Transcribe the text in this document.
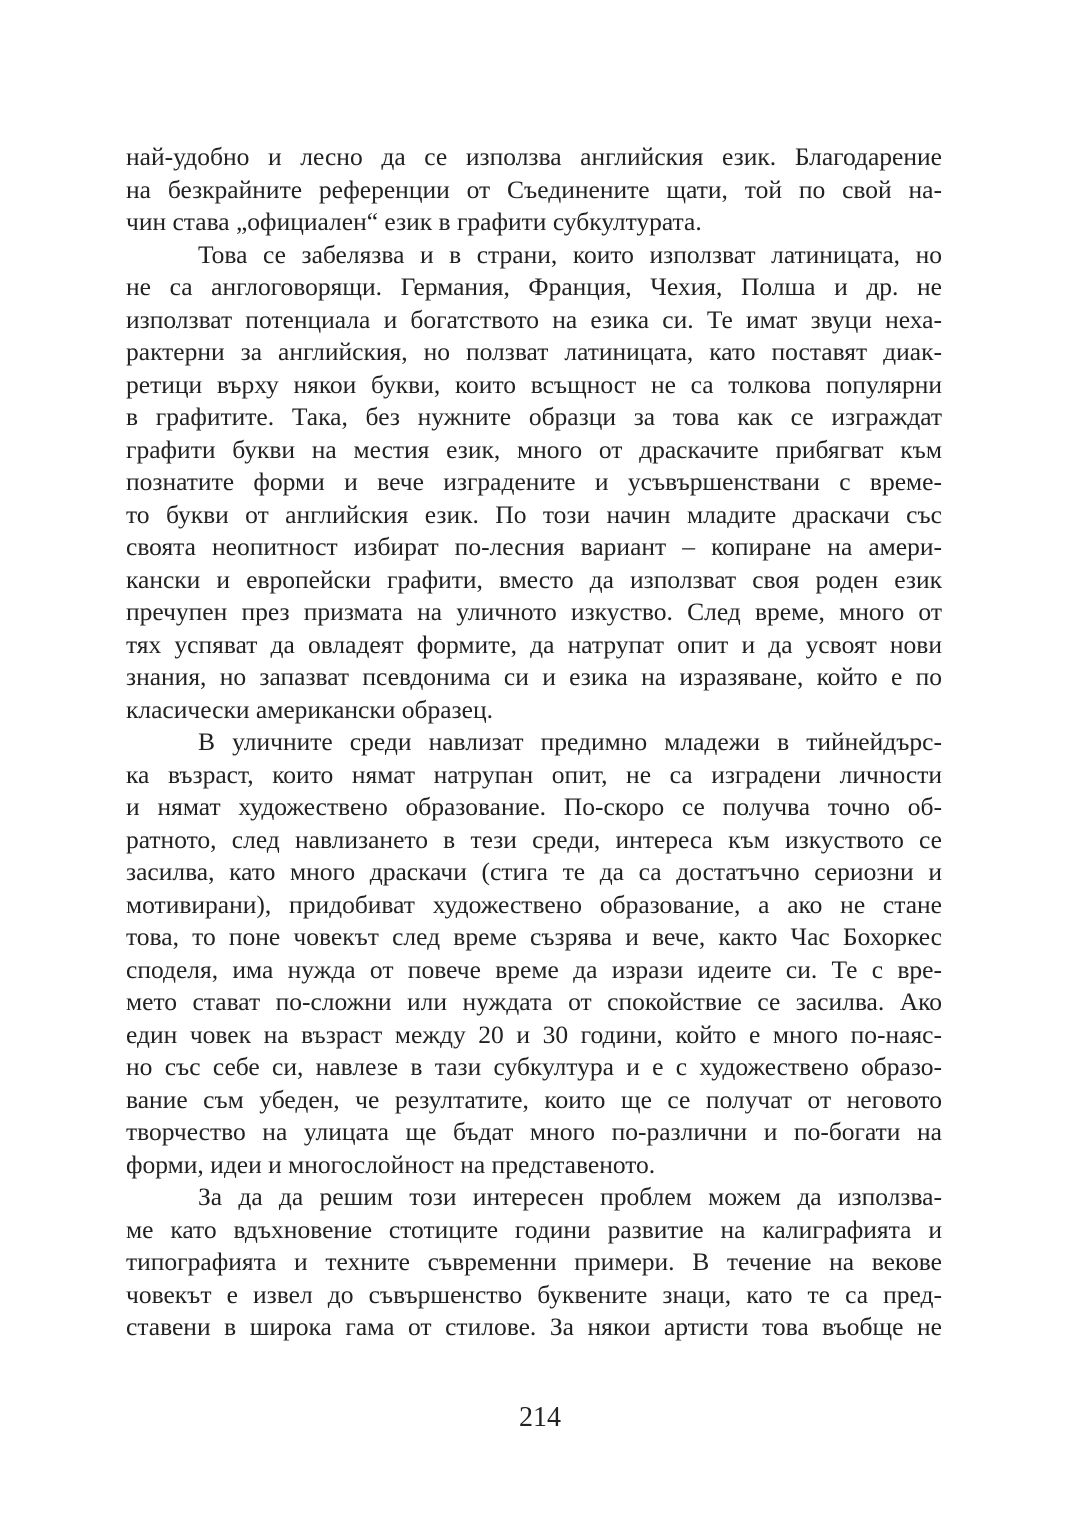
най-удобно и лесно да се използва английския език. Благодарение
на безкрайните референции от Съединените щати, той по свой на-
чин става „официален“ език в графити субкултурата.
Това се забелязва и в страни, които използват латиницата, но
не са англоговорящи. Германия, Франция, Чехия, Полша и др. не
използват потенциала и богатството на езика си. Те имат звуци неха-
рактерни за английския, но ползват латиницата, като поставят диак-
ретици върху някои букви, които всъщност не са толкова популярни
в графитите. Така, без нужните образци за това как се изграждат
графити букви на местия език, много от драскачите прибягват към
познатите форми и вече изградените и усъвършенствани с време-
то букви от английския език. По този начин младите драскачи със
своята неопитност избират по-лесния вариант – копиране на амери-
кански и европейски графити, вместо да използват своя роден език
пречупен през призмата на уличното изкуство. След време, много от
тях успяват да овладеят формите, да натрупат опит и да усвоят нови
знания, но запазват псевдонима си и езика на изразяване, който е по
класически американски образец.
В уличните среди навлизат предимно младежи в тийнейдърс-
ка възраст, които нямат натрупан опит, не са изградени личности
и нямат художествено образование. По-скоро се получва точно об-
ратното, след навлизането в тези среди, интереса към изкуството се
засилва, като много драскачи (стига те да са достатъчно сериозни и
мотивирани), придобиват художествено образование, а ако не стане
това, то поне човекът след време съзрява и вече, както Час Бохоркес
споделя, има нужда от повече време да изрази идеите си. Те с вре-
мето стават по-сложни или нуждата от спокойствие се засилва. Ако
един човек на възраст между 20 и 30 години, който е много по-наяс-
но със себе си, навлезе в тази субкултура и е с художествено образо-
вание съм убеден, че резултатите, които ще се получат от неговото
творчество на улицата ще бъдат много по-различни и по-богати на
форми, идеи и многослойност на представеното.
За да да решим този интересен проблем можем да използва-
ме като вдъхновение стотиците години развитие на калиграфията и
типографията и техните съвременни примери. В течение на векове
човекът е извел до съвършенство буквените знаци, като те са пред-
ставени в широка гама от стилове. За някои артисти това въобще не
214
